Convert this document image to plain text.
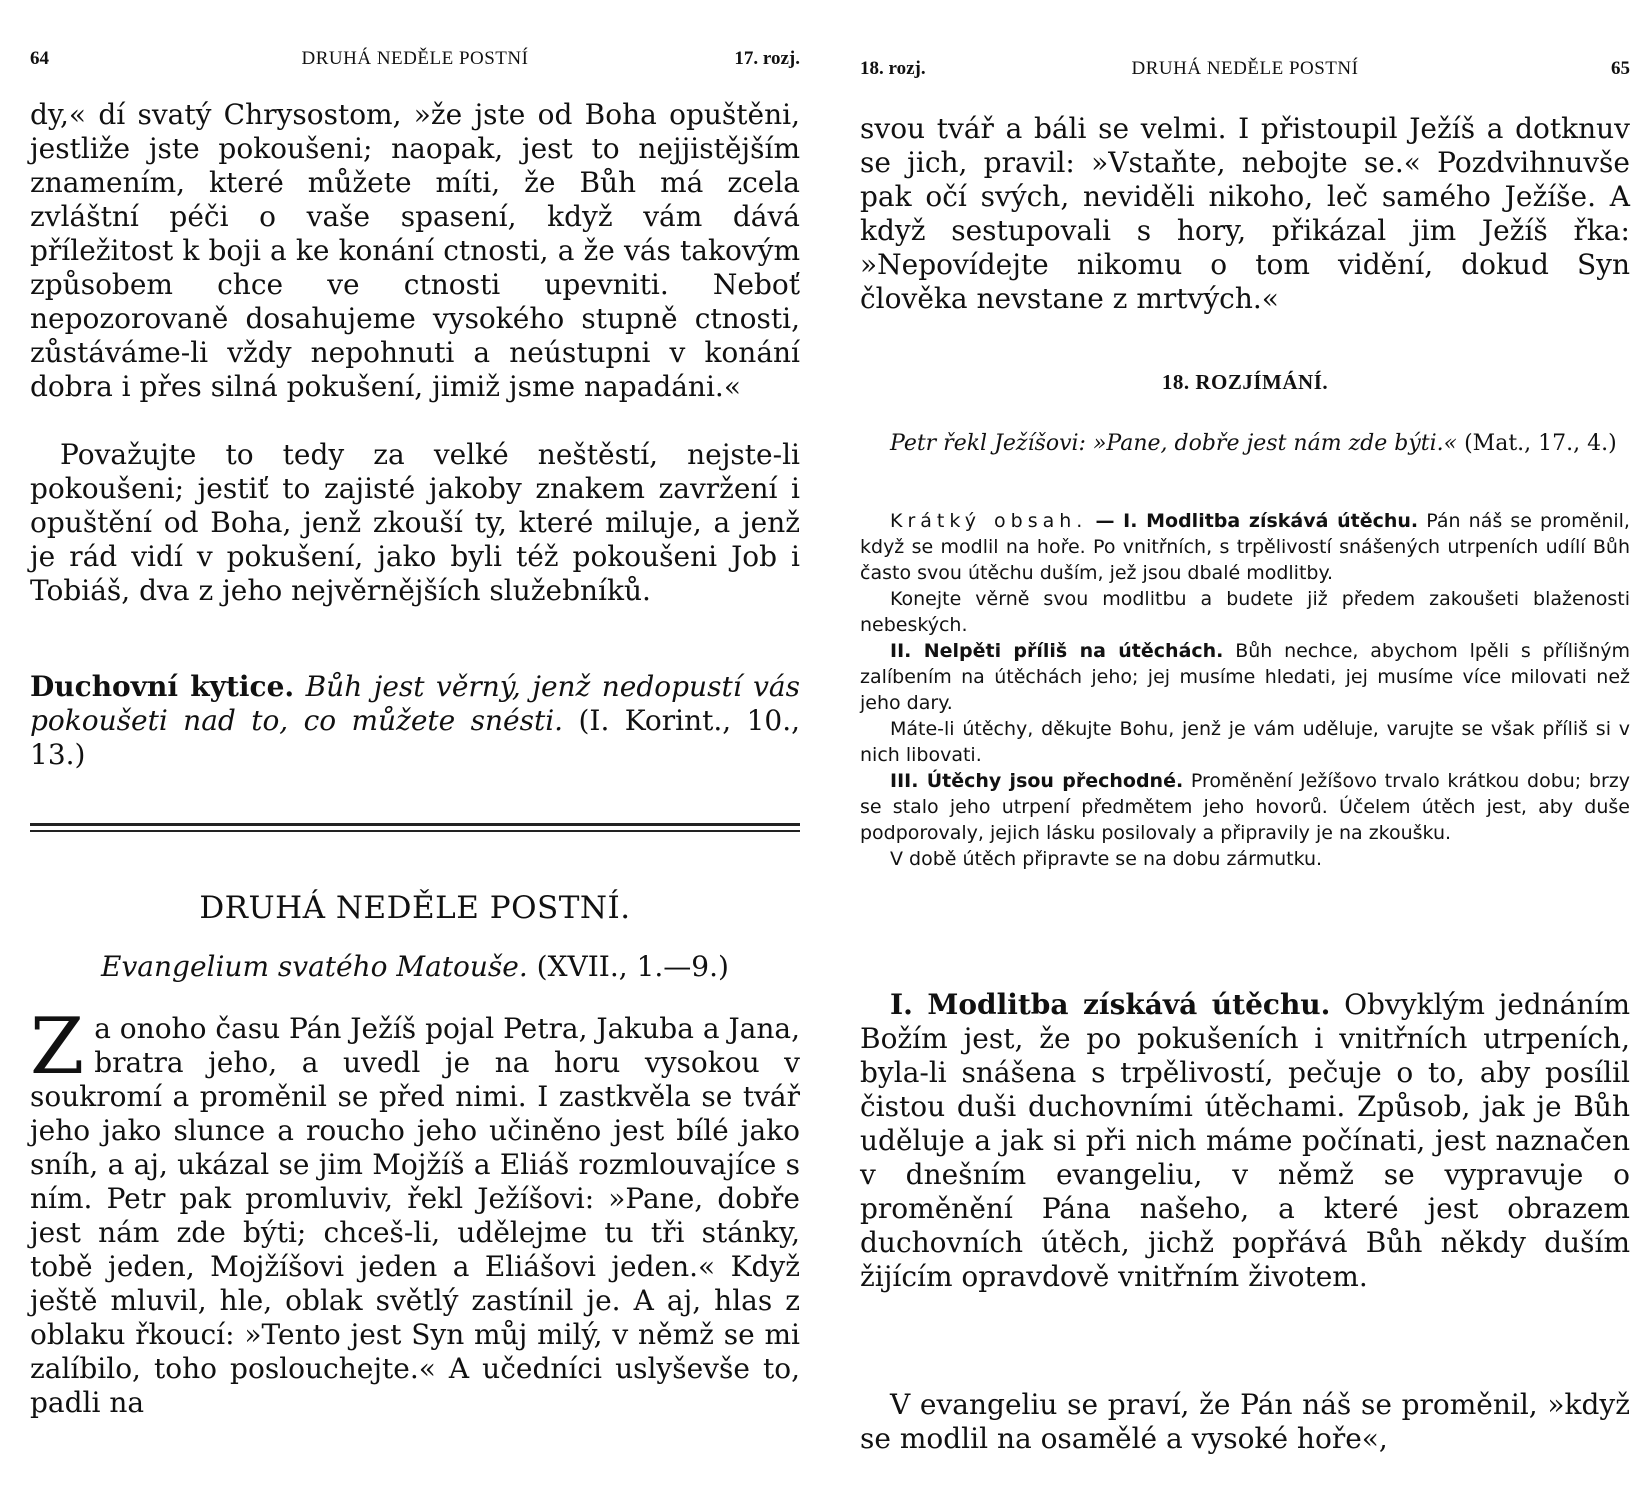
64	DRUHÁ NEDĚLE POSTNÍ	17. rozj.

dy,« dí svatý Chrysostom, »že jste od Boha opuštěni, jestliže jste pokoušeni; naopak, jest to nejjistějším znamením, které můžete míti, že Bůh má zcela zvláštní péči o vaše spasení, když vám dává příležitost k boji a ke konání ctnosti, a že vás takovým způsobem chce ve ctnosti upevniti. Neboť nepozorovaně dosahujeme vysokého stupně ctnosti, zůstáváme-li vždy nepohnuti a neústupni v konání dobra i přes silná pokušení, jimiž jsme napadáni.«

Považujte to tedy za velké neštěstí, nejste-li pokoušeni; jestiť to zajisté jakoby znakem zavržení i opuštění od Boha, jenž zkouší ty, které miluje, a jenž je rád vidí v pokušení, jako byli též pokoušeni Job i Tobiáš, dva z jeho nejvěrnějších služebníků.

Duchovní kytice. Bůh jest věrný, jenž nedopustí vás pokoušeti nad to, co můžete snésti. (I. Korint., 10., 13.)

DRUHÁ NEDĚLE POSTNÍ.
Evangelium svatého Matouše. (XVII., 1.—9.)
Z a onoho času Pán Ježíš pojal Petra, Jakuba a Jana, bratra jeho, a uvedl je na horu vysokou v soukromí a proměnil se před nimi. I zastkvěla se tvář jeho jako slunce a roucho jeho učiněno jest bílé jako sníh, a aj, ukázal se jim Mojžíš a Eliáš rozmlouvajíce s ním. Petr pak promluviv, řekl Ježíšovi: »Pane, dobře jest nám zde býti; chceš-li, udělejme tu tři stánky, tobě jeden, Mojžíšovi jeden a Eliášovi jeden.« Když ještě mluvil, hle, oblak světlý zastínil je. A aj, hlas z oblaku řkoucí: »Tento jest Syn můj milý, v němž se mi zalíbilo, toho poslouchejte.« A učedníci uslyševše to, padli na

18. rozj.	DRUHÁ NEDĚLE POSTNÍ	65

svou tvář a báli se velmi. I přistoupil Ježíš a dotknuv se jich, pravil: »Vstaňte, nebojte se.« Pozdvihnuvše pak očí svých, neviděli nikoho, leč samého Ježíše. A když sestupovali s hory, přikázal jim Ježíš řka: »Nepovídejte nikomu o tom vidění, dokud Syn člověka nevstane z mrtvých.«

18. ROZJÍMÁNÍ.
Petr řekl Ježíšovi: »Pane, dobře jest nám zde býti.« (Mat., 17., 4.)

Krátký obsah. — I. Modlitba získává útěchu. Pán náš se proměnil, když se modlil na hoře. Po vnitřních, s trpělivostí snášených utrpeních udílí Bůh často svou útěchu duším, jež jsou dbalé modlitby.

Konejte věrně svou modlitbu a budete již předem zakoušeti blaženosti nebeských.

II. Nelpěti příliš na útěchách. Bůh nechce, abychom lpěli s přílišným zalíbením na útěchách jeho; jej musíme hledati, jej musíme více milovati než jeho dary.

Máte-li útěchy, děkujte Bohu, jenž je vám uděluje, varujte se však příliš si v nich libovati.

III. Útěchy jsou přechodné. Proměnění Ježíšovo trvalo krátkou dobu; brzy se stalo jeho utrpení předmětem jeho hovorů. Účelem útěch jest, aby duše podporovaly, jejich lásku posilovaly a připravily je na zkoušku.

V době útěch připravte se na dobu zármutku.

I. Modlitba získává útěchu. Obvyklým jednáním Božím jest, že po pokušeních i vnitřních utrpeních, byla-li snášena s trpělivostí, pečuje o to, aby posílil čistou duši duchovními útěchami. Způsob, jak je Bůh uděluje a jak si při nich máme počínati, jest naznačen v dnešním evangeliu, v němž se vypravuje o proměnění Pána našeho, a které jest obrazem duchovních útěch, jichž popřává Bůh někdy duším žijícím opravdově vnitřním životem.

V evangeliu se praví, že Pán náš se proměnil, »když se modlil na osamělé a vysoké hoře«,
